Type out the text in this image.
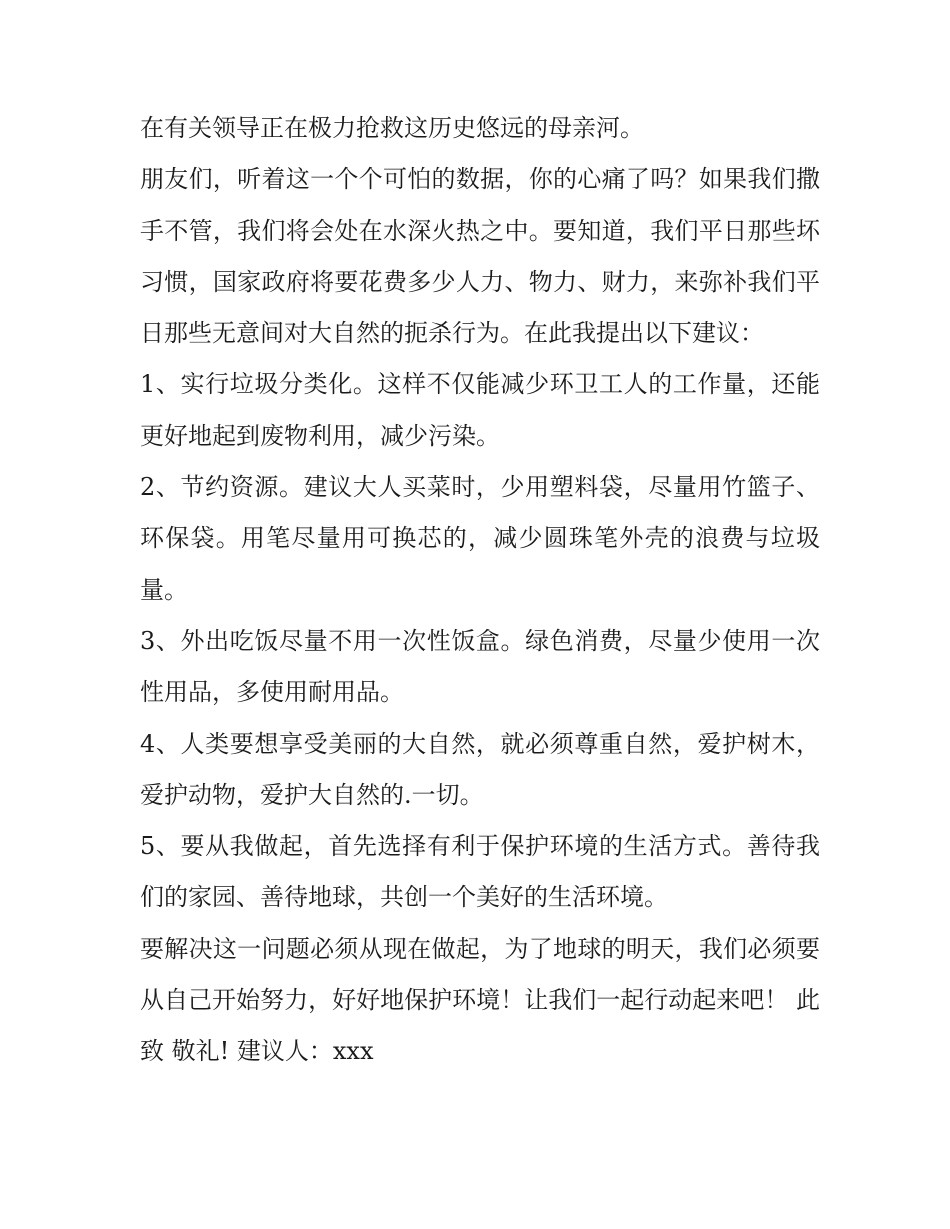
在有关领导正在极力抢救这历史悠远的母亲河。

朋友们，听着这一个个可怕的数据，你的心痛了吗？如果我们撒手不管，我们将会处在水深火热之中。要知道，我们平日那些坏习惯，国家政府将要花费多少人力、物力、财力，来弥补我们平日那些无意间对大自然的扼杀行为。在此我提出以下建议：

1、实行垃圾分类化。这样不仅能减少环卫工人的工作量，还能更好地起到废物利用，减少污染。

2、节约资源。建议大人买菜时，少用塑料袋，尽量用竹篮子、环保袋。用笔尽量用可换芯的，减少圆珠笔外壳的浪费与垃圾量。

3、外出吃饭尽量不用一次性饭盒。绿色消费，尽量少使用一次性用品，多使用耐用品。

4、人类要想享受美丽的大自然，就必须尊重自然，爱护树木，爱护动物，爱护大自然的.一切。

5、要从我做起，首先选择有利于保护环境的生活方式。善待我们的家园、善待地球，共创一个美好的生活环境。

要解决这一问题必须从现在做起，为了地球的明天，我们必须要从自己开始努力，好好地保护环境！让我们一起行动起来吧！ 此致 敬礼! 建议人：xxx
